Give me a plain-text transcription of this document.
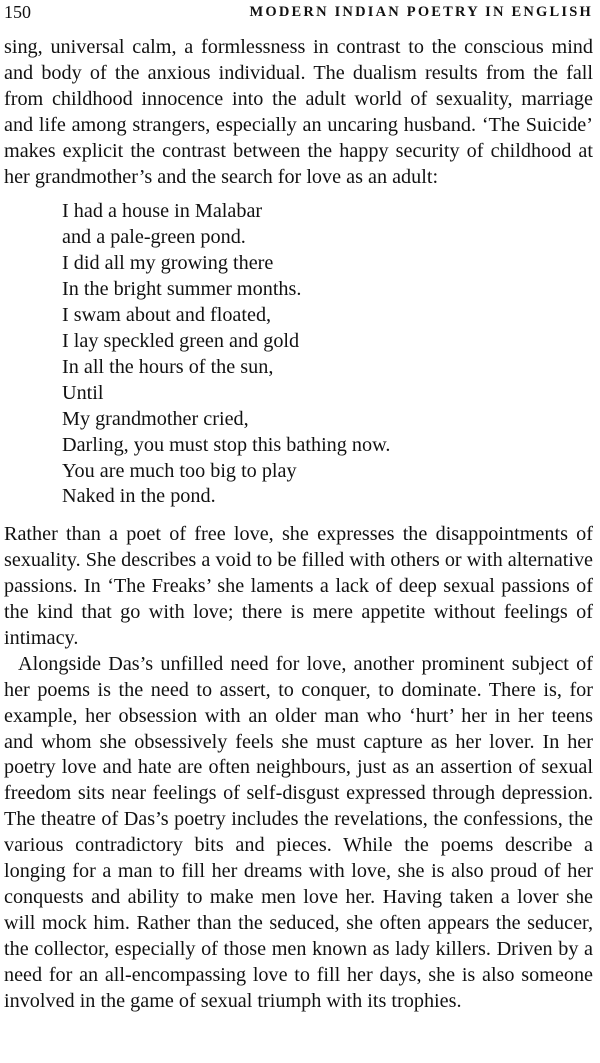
150	MODERN INDIAN POETRY IN ENGLISH

sing, universal calm, a formlessness in contrast to the conscious mind and body of the anxious individual. The dualism results from the fall from childhood innocence into the adult world of sexuality, marriage and life among strangers, especially an uncaring husband. ‘The Suicide’ makes explicit the contrast between the happy security of childhood at her grandmother’s and the search for love as an adult:

I had a house in Malabar
and a pale-green pond.
I did all my growing there
In the bright summer months.
I swam about and floated,
I lay speckled green and gold
In all the hours of the sun,
Until
My grandmother cried,
Darling, you must stop this bathing now.
You are much too big to play
Naked in the pond.

Rather than a poet of free love, she expresses the disappointments of sexuality. She describes a void to be filled with others or with alternative passions. In ‘The Freaks’ she laments a lack of deep sexual passions of the kind that go with love; there is mere appetite without feelings of intimacy.

Alongside Das’s unfilled need for love, another prominent subject of her poems is the need to assert, to conquer, to dominate. There is, for example, her obsession with an older man who ‘hurt’ her in her teens and whom she obsessively feels she must capture as her lover. In her poetry love and hate are often neighbours, just as an assertion of sexual freedom sits near feelings of self-disgust expressed through depression. The theatre of Das’s poetry includes the revelations, the confessions, the various contradictory bits and pieces. While the poems describe a longing for a man to fill her dreams with love, she is also proud of her conquests and ability to make men love her. Having taken a lover she will mock him. Rather than the seduced, she often appears the seducer, the collector, especially of those men known as lady killers. Driven by a need for an all-encompassing love to fill her days, she is also someone involved in the game of sexual triumph with its trophies.
